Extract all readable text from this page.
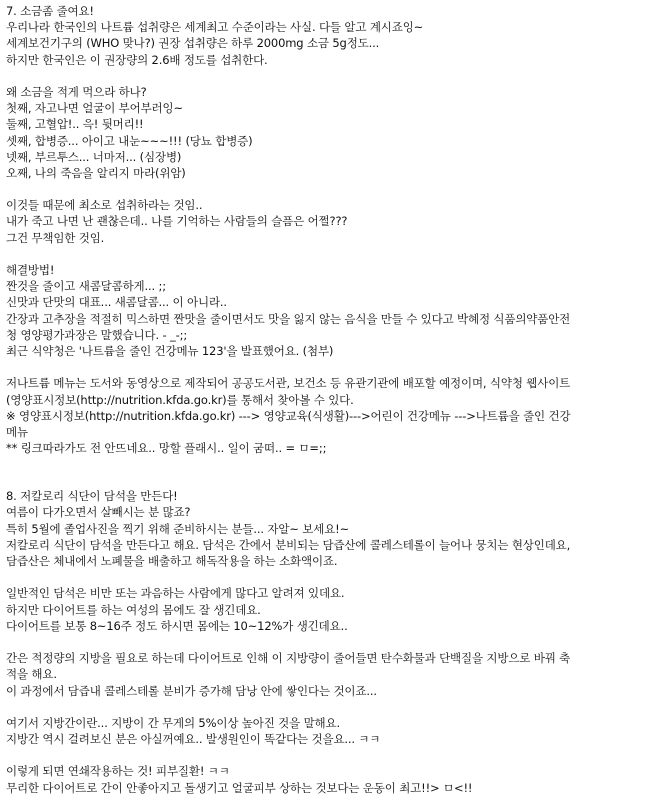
7. 소금좀 줄여요!
우리나라 한국인의 나트륨 섭취량은 세계최고 수준이라는 사실. 다들 알고 계시죠잉~
세계보건기구의 (WHO 맞나?) 권장 섭취량은 하루 2000mg 소금 5g정도...
하지만 한국인은 이 권장량의 2.6배 정도를 섭취한다.
왜 소금을 적게 먹으라 하나?
첫째, 자고나면 얼굴이 부어부러잉~
둘째, 고혈압!.. 윽! 뒷머리!!
셋째, 합병증... 아이고 내눈~~~!!! (당뇨 합병증)
넷째, 부르투스... 너마저... (심장병)
오째, 나의 죽음을 알리지 마라(위암)
이것들 때문에 최소로 섭취하라는 것임..
내가 죽고 나면 난 괜찮은데.. 나를 기억하는 사람들의 슬픔은 어쩔???
그건 무책임한 것임.
해결방법!
짠것을 줄이고 새콤달콤하게... ;;
신맛과 단맛의 대표... 새콤달콤... 이 아니라..
간장과 고추장을 적절히 믹스하면 짠맛을 줄이면서도 맛을 잃지 않는 음식을 만들 수 있다고 박혜정 식품의약품안전
청 영양평가과장은 말했습니다. - _-;;
최근 식약청은 '나트륨을 줄인 건강메뉴 123'을 발표했어요. (첨부)
저나트륨 메뉴는 도서와 동영상으로 제작되어 공공도서관, 보건소 등 유관기관에 배포할 예정이며, 식약청 웹사이트
(영양표시정보(http://nutrition.kfda.go.kr)를 통해서 찾아볼 수 있다.
※ 영양표시정보(http://nutrition.kfda.go.kr) ---> 영양교육(식생활)--->어린이 건강메뉴 --->나트륨을 줄인 건강
메뉴
** 링크따라가도 전 안뜨네요.. 망할 플래시.. 일이 굼떠.. = ㅁ=;;
8. 저칼로리 식단이 담석을 만든다!
여름이 다가오면서 살빼시는 분 많죠?
특히 5월에 졸업사진을 찍기 위해 준비하시는 분들... 자알~ 보세요!~
저칼로리 식단이 담석을 만든다고 해요. 담석은 간에서 분비되는 담즙산에 콜레스테롤이 늘어나 뭉치는 현상인데요,
담즙산은 체내에서 노폐물을 배출하고 해독작용을 하는 소화액이죠.
일반적인 담석은 비만 또는 과음하는 사람에게 많다고 알려져 있데요.
하지만 다이어트를 하는 여성의 몸에도 잘 생긴데요.
다이어트를 보통 8~16주 정도 하시면 몸에는 10~12%가 생긴데요..
간은 적정량의 지방을 필요로 하는데 다이어트로 인해 이 지방량이 줄어들면 탄수화물과 단백질을 지방으로 바꿔 축
적을 해요.
이 과정에서 담즙내 콜레스테롤 분비가 증가해 담낭 안에 쌓인다는 것이죠...
여기서 지방간이란... 지방이 간 무게의 5%이상 높아진 것을 말해요.
지방간 역시 걸려보신 분은 아실꺼예요.. 발생원인이 똑같다는 것을요... ㅋㅋ
이렇게 되면 연쇄작용하는 것! 피부질환! ㅋㅋ
무리한 다이어트로 간이 안좋아지고 돌생기고 얼굴피부 상하는 것보다는 운동이 최고!!> ㅁ<!!
